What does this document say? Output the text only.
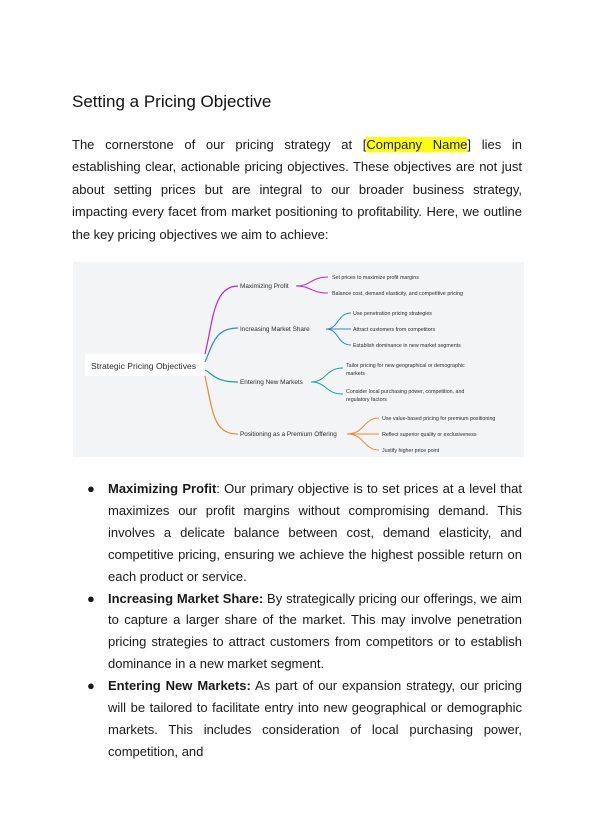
Setting a Pricing Objective

The cornerstone of our pricing strategy at [Company Name] lies in establishing clear, actionable pricing objectives. These objectives are not just about setting prices but are integral to our broader business strategy, impacting every facet from market positioning to profitability. Here, we outline the key pricing objectives we aim to achieve:

Strategic Pricing Objectives
Maximizing Profit
Set prices to maximize profit margins
Balance cost, demand elasticity, and competitive pricing
Increasing Market Share
Use penetration pricing strategies
Attract customers from competitors
Establish dominance in new market segments
Entering New Markets
Tailor pricing for new geographical or demographic
markets
Consider local purchasing power, competition, and
regulatory factors
Positioning as a Premium Offering
Use value-based pricing for premium positioning
Reflect superior quality or exclusiveness
Justify higher price point
● Maximizing Profit: Our primary objective is to set prices at a level that maximizes our profit margins without compromising demand. This involves a delicate balance between cost, demand elasticity, and competitive pricing, ensuring we achieve the highest possible return on each product or service.
● Increasing Market Share: By strategically pricing our offerings, we aim to capture a larger share of the market. This may involve penetration pricing strategies to attract customers from competitors or to establish dominance in a new market segment.
● Entering New Markets: As part of our expansion strategy, our pricing will be tailored to facilitate entry into new geographical or demographic markets. This includes consideration of local purchasing power, competition, and
